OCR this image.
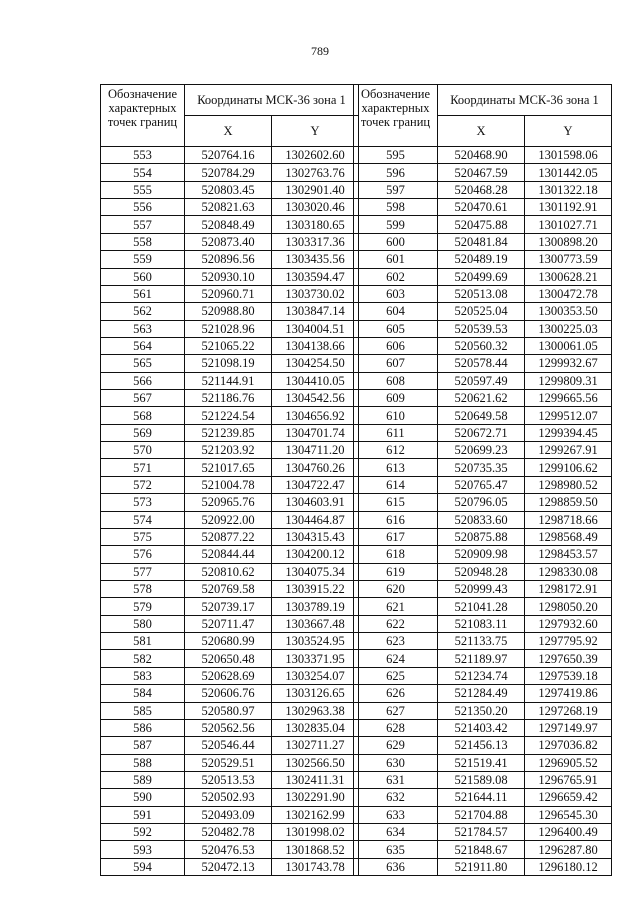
789
Обозначение характерных точек границ	Координаты МСК-36 зона 1	
	X	Y
553	520764.16	1302602.60
554	520784.29	1302763.76
555	520803.45	1302901.40
556	520821.63	1303020.46
557	520848.49	1303180.65
558	520873.40	1303317.36
559	520896.56	1303435.56
560	520930.10	1303594.47
561	520960.71	1303730.02
562	520988.80	1303847.14
563	521028.96	1304004.51
564	521065.22	1304138.66
565	521098.19	1304254.50
566	521144.91	1304410.05
567	521186.76	1304542.56
568	521224.54	1304656.92
569	521239.85	1304701.74
570	521203.92	1304711.20
571	521017.65	1304760.26
572	521004.78	1304722.47
573	520965.76	1304603.91
574	520922.00	1304464.87
575	520877.22	1304315.43
576	520844.44	1304200.12
577	520810.62	1304075.34
578	520769.58	1303915.22
579	520739.17	1303789.19
580	520711.47	1303667.48
581	520680.99	1303524.95
582	520650.48	1303371.95
583	520628.69	1303254.07
584	520606.76	1303126.65
585	520580.97	1302963.38
586	520562.56	1302835.04
587	520546.44	1302711.27
588	520529.51	1302566.50
589	520513.53	1302411.31
590	520502.93	1302291.90
591	520493.09	1302162.99
592	520482.78	1301998.02
593	520476.53	1301868.52
594	520472.13	1301743.78
Обозначение характерных точек границ	Координаты МСК-36 зона 1	
	X	Y
595	520468.90	1301598.06
596	520467.59	1301442.05
597	520468.28	1301322.18
598	520470.61	1301192.91
599	520475.88	1301027.71
600	520481.84	1300898.20
601	520489.19	1300773.59
602	520499.69	1300628.21
603	520513.08	1300472.78
604	520525.04	1300353.50
605	520539.53	1300225.03
606	520560.32	1300061.05
607	520578.44	1299932.67
608	520597.49	1299809.31
609	520621.62	1299665.56
610	520649.58	1299512.07
611	520672.71	1299394.45
612	520699.23	1299267.91
613	520735.35	1299106.62
614	520765.47	1298980.52
615	520796.05	1298859.50
616	520833.60	1298718.66
617	520875.88	1298568.49
618	520909.98	1298453.57
619	520948.28	1298330.08
620	520999.43	1298172.91
621	521041.28	1298050.20
622	521083.11	1297932.60
623	521133.75	1297795.92
624	521189.97	1297650.39
625	521234.74	1297539.18
626	521284.49	1297419.86
627	521350.20	1297268.19
628	521403.42	1297149.97
629	521456.13	1297036.82
630	521519.41	1296905.52
631	521589.08	1296765.91
632	521644.11	1296659.42
633	521704.88	1296545.30
634	521784.57	1296400.49
635	521848.67	1296287.80
636	521911.80	1296180.12
